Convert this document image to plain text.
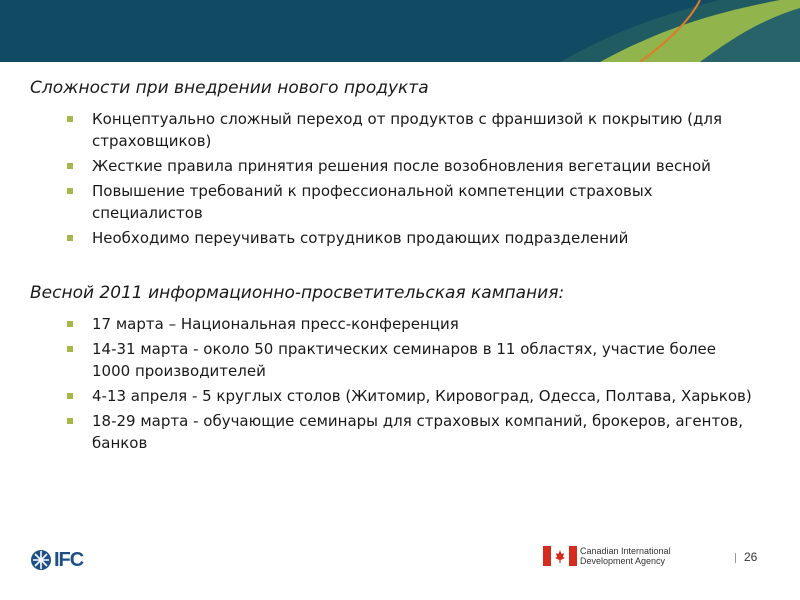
Сложности при внедрении нового продукта
Концептуально сложный переход от продуктов с франшизой к покрытию (для страховщиков)
Жесткие правила принятия решения после возобновления вегетации весной
Повышение требований к профессиональной компетенции страховых специалистов
Необходимо переучивать сотрудников продающих подразделений
Весной 2011 информационно-просветительская кампания:
17 марта – Национальная пресс-конференция
14-31 марта - около 50 практических семинаров в 11 областях, участие более 1000 производителей
4-13 апреля - 5 круглых столов (Житомир, Кировоград, Одесса, Полтава, Харьков)
18-29 марта - обучающие семинары для страховых компаний, брокеров, агентов, банков
IFC	Canadian International
Development Agency	26
